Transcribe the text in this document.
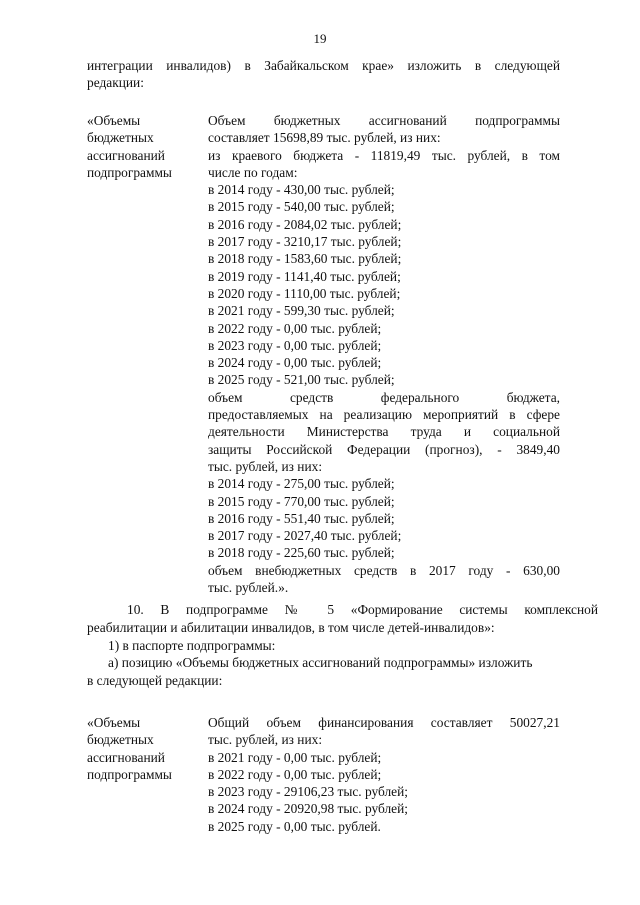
19
интеграции инвалидов) в Забайкальском крае» изложить в следующей
редакции:
«Объемы
бюджетных
ассигнований
подпрограммы
Объем бюджетных ассигнований подпрограммы
составляет 15698,89 тыс. рублей, из них:
из краевого бюджета - 11819,49 тыс. рублей, в том
числе по годам:
в 2014 году - 430,00 тыс. рублей;
в 2015 году - 540,00 тыс. рублей;
в 2016 году - 2084,02 тыс. рублей;
в 2017 году - 3210,17 тыс. рублей;
в 2018 году - 1583,60 тыс. рублей;
в 2019 году - 1141,40 тыс. рублей;
в 2020 году - 1110,00 тыс. рублей;
в 2021 году - 599,30 тыс. рублей;
в 2022 году - 0,00 тыс. рублей;
в 2023 году - 0,00 тыс. рублей;
в 2024 году - 0,00 тыс. рублей;
в 2025 году - 521,00 тыс. рублей;
объем средств федерального бюджета,
предоставляемых на реализацию мероприятий в сфере
деятельности Министерства труда и социальной
защиты Российской Федерации (прогноз), - 3849,40
тыс. рублей, из них:
в 2014 году - 275,00 тыс. рублей;
в 2015 году - 770,00 тыс. рублей;
в 2016 году - 551,40 тыс. рублей;
в 2017 году - 2027,40 тыс. рублей;
в 2018 году - 225,60 тыс. рублей;
объем внебюджетных средств в 2017 году - 630,00
тыс. рублей.».
10. В подпрограмме № 5 «Формирование системы комплексной
реабилитации и абилитации инвалидов, в том числе детей-инвалидов»:
1) в паспорте подпрограммы:
а) позицию «Объемы бюджетных ассигнований подпрограммы» изложить
в следующей редакции:
«Объемы
бюджетных
ассигнований
подпрограммы
Общий объем финансирования составляет 50027,21
тыс. рублей, из них:
в 2021 году - 0,00 тыс. рублей;
в 2022 году - 0,00 тыс. рублей;
в 2023 году - 29106,23 тыс. рублей;
в 2024 году - 20920,98 тыс. рублей;
в 2025 году - 0,00 тыс. рублей.
